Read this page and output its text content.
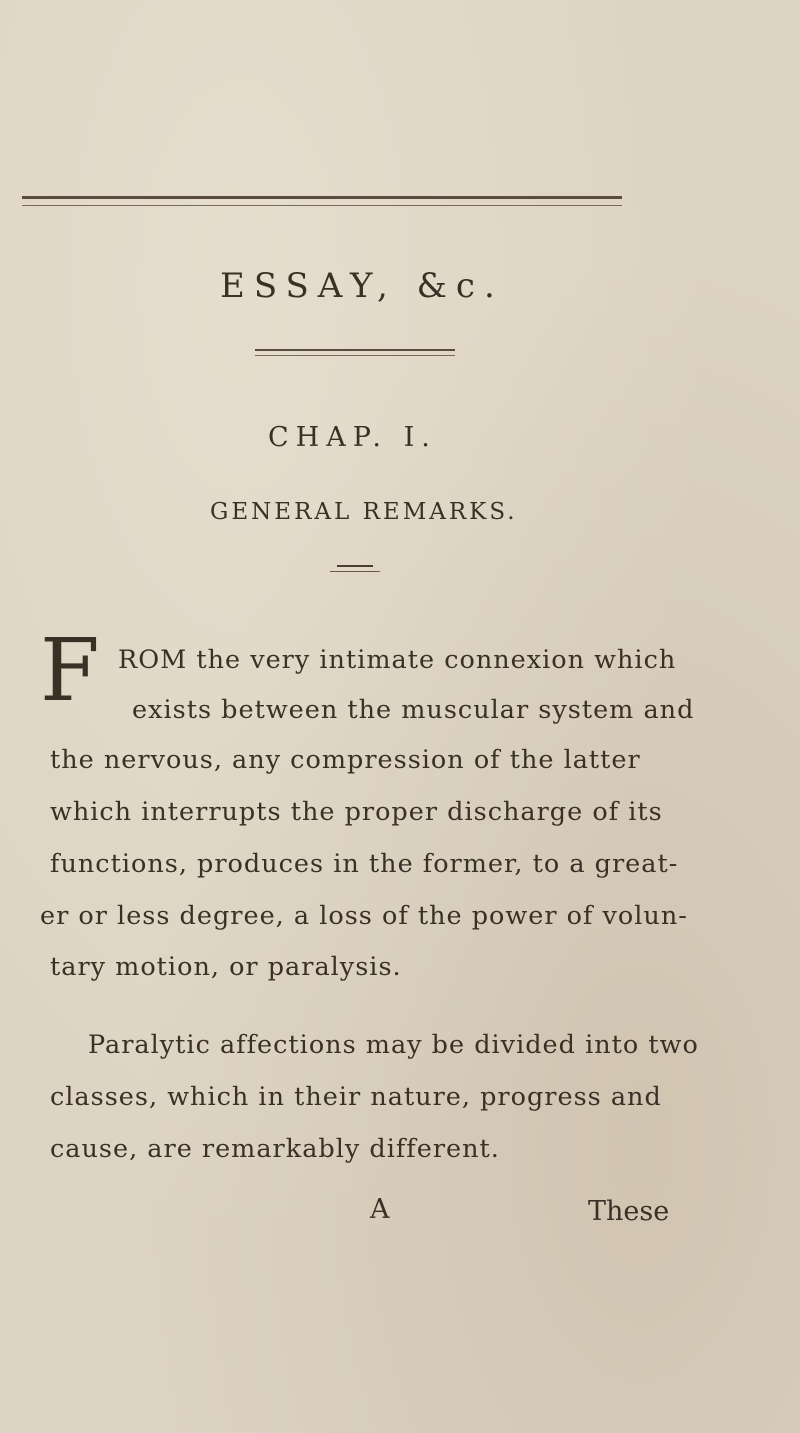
ESSAY, &c.
CHAP. I.
GENERAL REMARKS.
F ROM the very intimate connexion which
exists between the muscular system and
the nervous, any compression of the latter
which interrupts the proper discharge of its
functions, produces in the former, to a great-
er or less degree, a loss of the power of volun-
tary motion, or paralysis.
Paralytic affections may be divided into two
classes, which in their nature, progress and
cause, are remarkably different.
A	These
